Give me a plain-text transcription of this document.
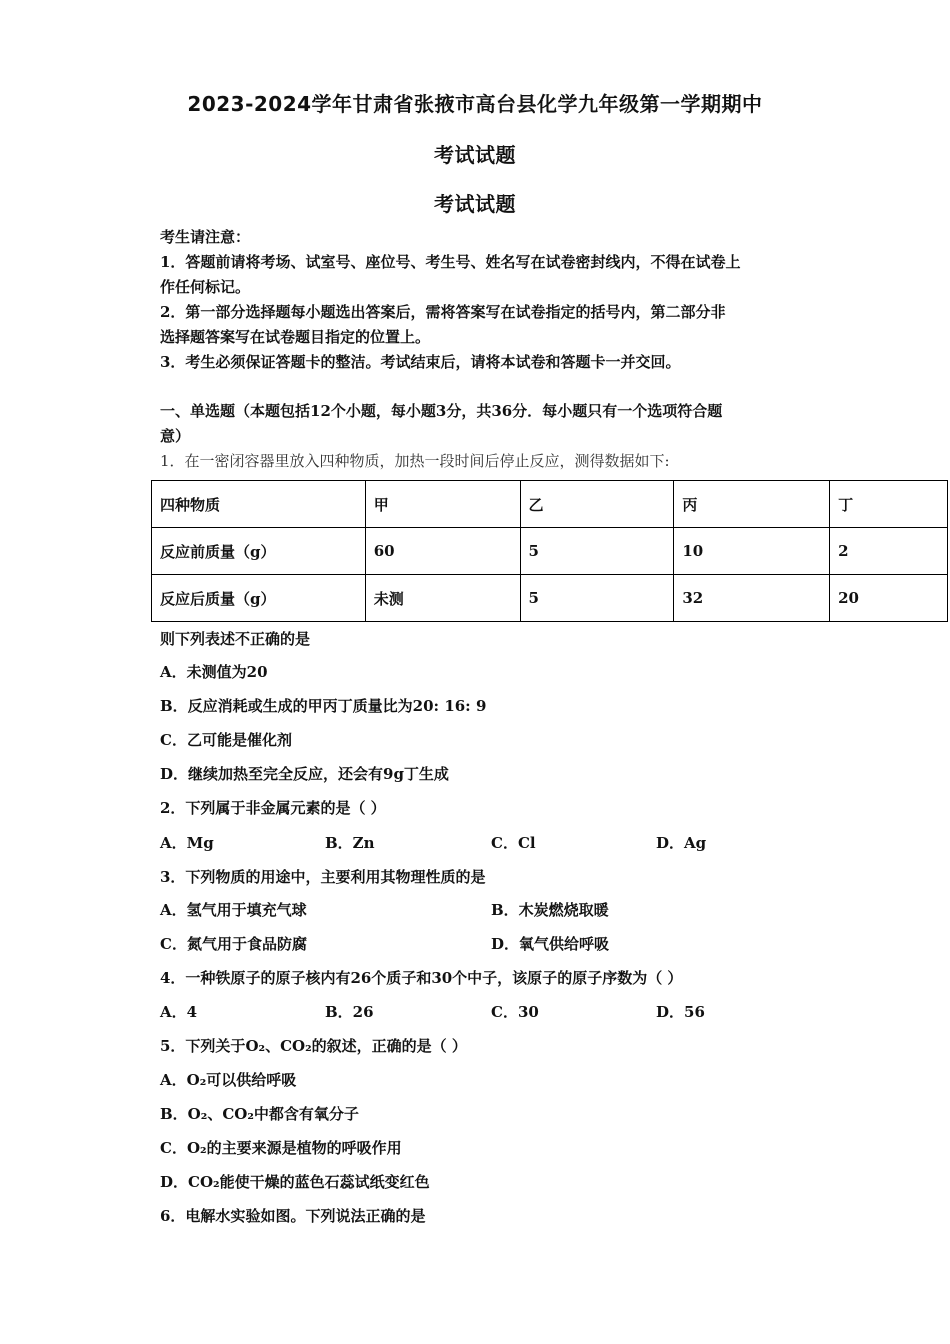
2023-2024学年甘肃省张掖市高台县化学九年级第一学期期中
考试试题
考试试题
考生请注意：
1．答题前请将考场、试室号、座位号、考生号、姓名写在试卷密封线内，不得在试卷上
作任何标记。
2．第一部分选择题每小题选出答案后，需将答案写在试卷指定的括号内，第二部分非
选择题答案写在试卷题目指定的位置上。
3．考生必须保证答题卡的整洁。考试结束后，请将本试卷和答题卡一并交回。
一、单选题（本题包括12个小题，每小题3分，共36分．每小题只有一个选项符合题
意）
1．在一密闭容器里放入四种物质，加热一段时间后停止反应，测得数据如下:
四种物质	甲	乙	丙	丁
反应前质量（g）	60	5	10	2
反应后质量（g）	未测	5	32	20
则下列表述不正确的是
A．未测值为20
B．反应消耗或生成的甲丙丁质量比为20: 16: 9
C．乙可能是催化剂
D．继续加热至完全反应，还会有9g丁生成
2．下列属于非金属元素的是（ ）
A．Mg	B．Zn	C．Cl	D．Ag
3．下列物质的用途中，主要利用其物理性质的是
A．氢气用于填充气球	B．木炭燃烧取暖
C．氮气用于食品防腐	D．氧气供给呼吸
4．一种铁原子的原子核内有26个质子和30个中子，该原子的原子序数为（ ）
A．4	B．26	C．30	D．56
5．下列关于O₂、CO₂的叙述，正确的是（ ）
A．O₂可以供给呼吸
B．O₂、CO₂中都含有氧分子
C．O₂的主要来源是植物的呼吸作用
D．CO₂能使干燥的蓝色石蕊试纸变红色
6．电解水实验如图。下列说法正确的是
